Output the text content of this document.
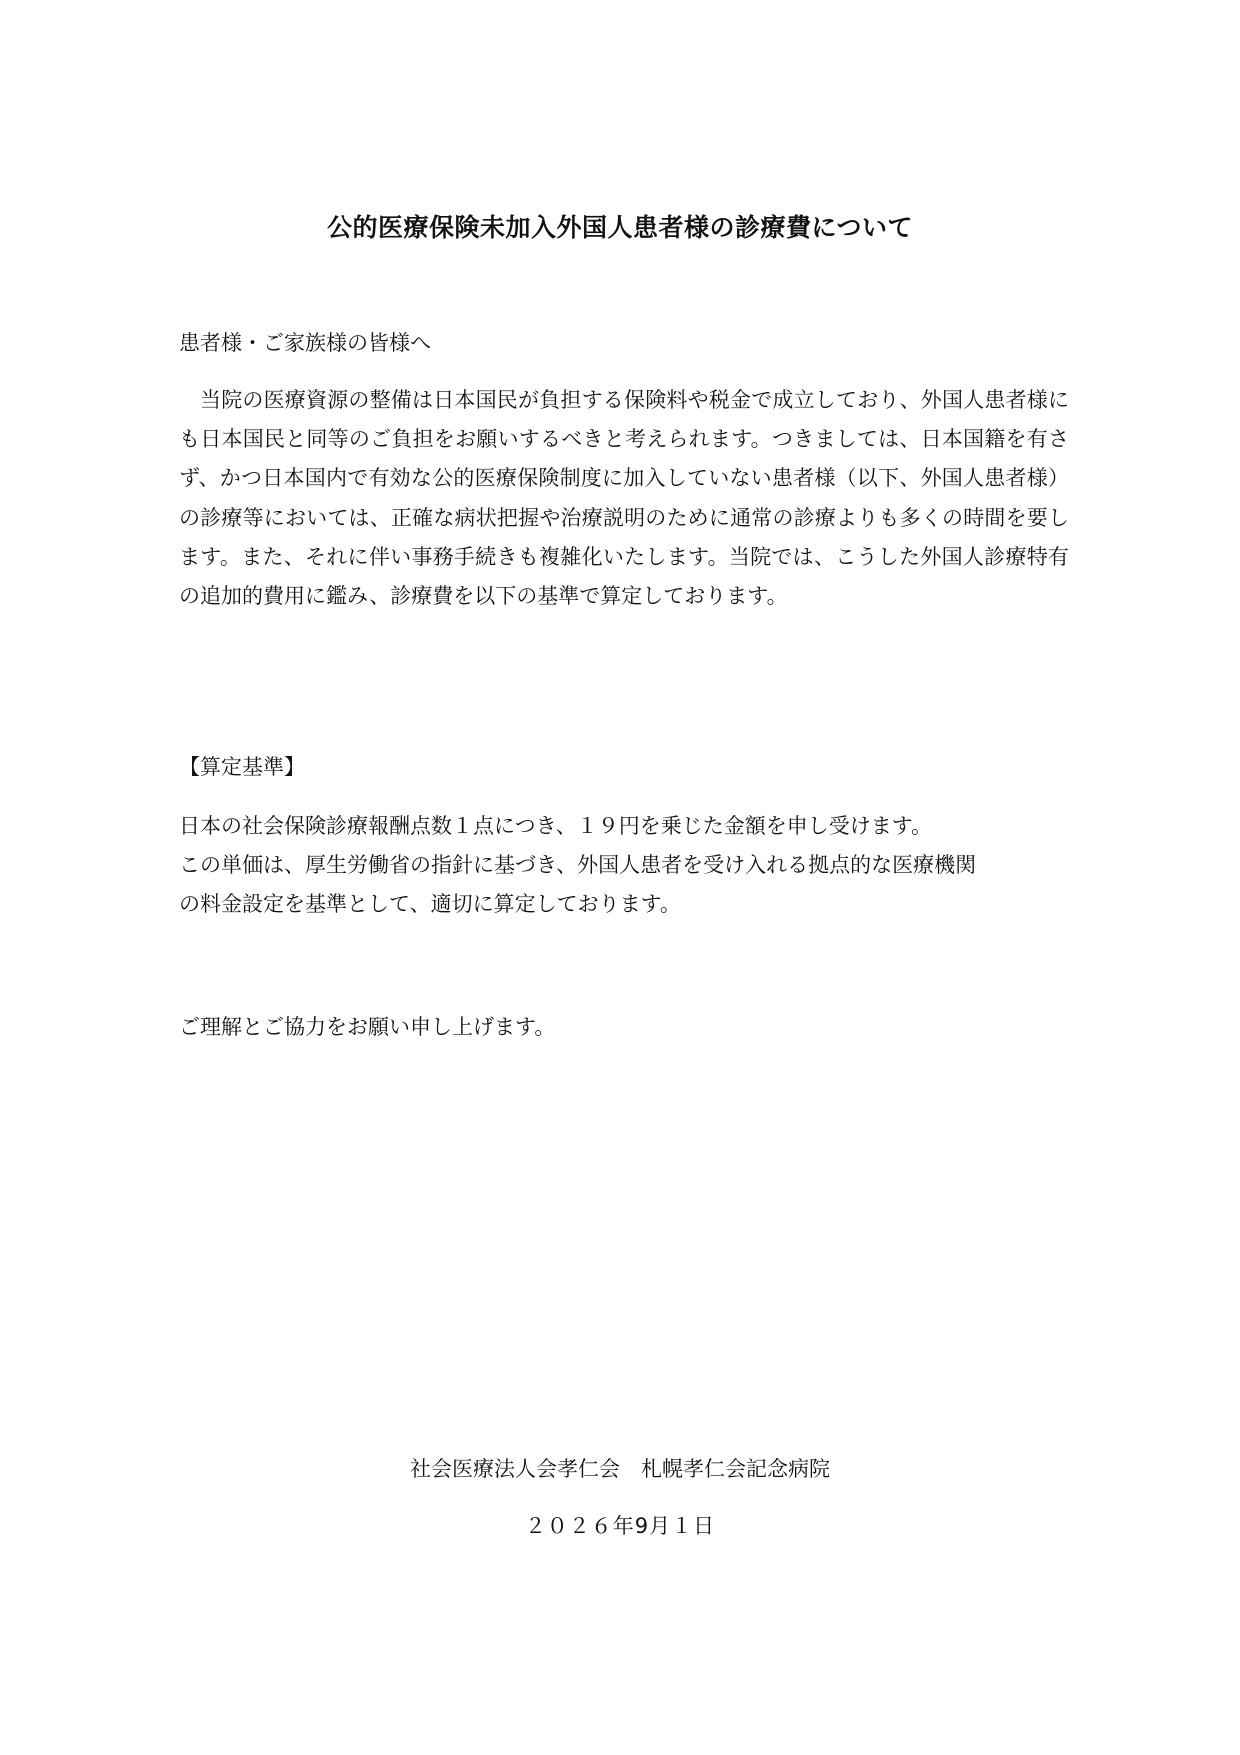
公的医療保険未加入外国人患者様の診療費について
患者様・ご家族様の皆様へ

当院の医療資源の整備は日本国民が負担する保険料や税金で成立しており、外国人患者様にも日本国民と同等のご負担をお願いするべきと考えられます。つきましては、日本国籍を有さず、かつ日本国内で有効な公的医療保険制度に加入していない患者様（以下、外国人患者様）の診療等においては、正確な病状把握や治療説明のために通常の診療よりも多くの時間を要します。また、それに伴い事務手続きも複雑化いたします。当院では、こうした外国人診療特有の追加的費用に鑑み、診療費を以下の基準で算定しております。

【算定基準】
日本の社会保険診療報酬点数１点につき、１９円を乗じた金額を申し受けます。
この単価は、厚生労働省の指針に基づき、外国人患者を受け入れる拠点的な医療機関
の料金設定を基準として、適切に算定しております。
ご理解とご協力をお願い申し上げます。
社会医療法人会孝仁会　札幌孝仁会記念病院
２０２６年9月１日
